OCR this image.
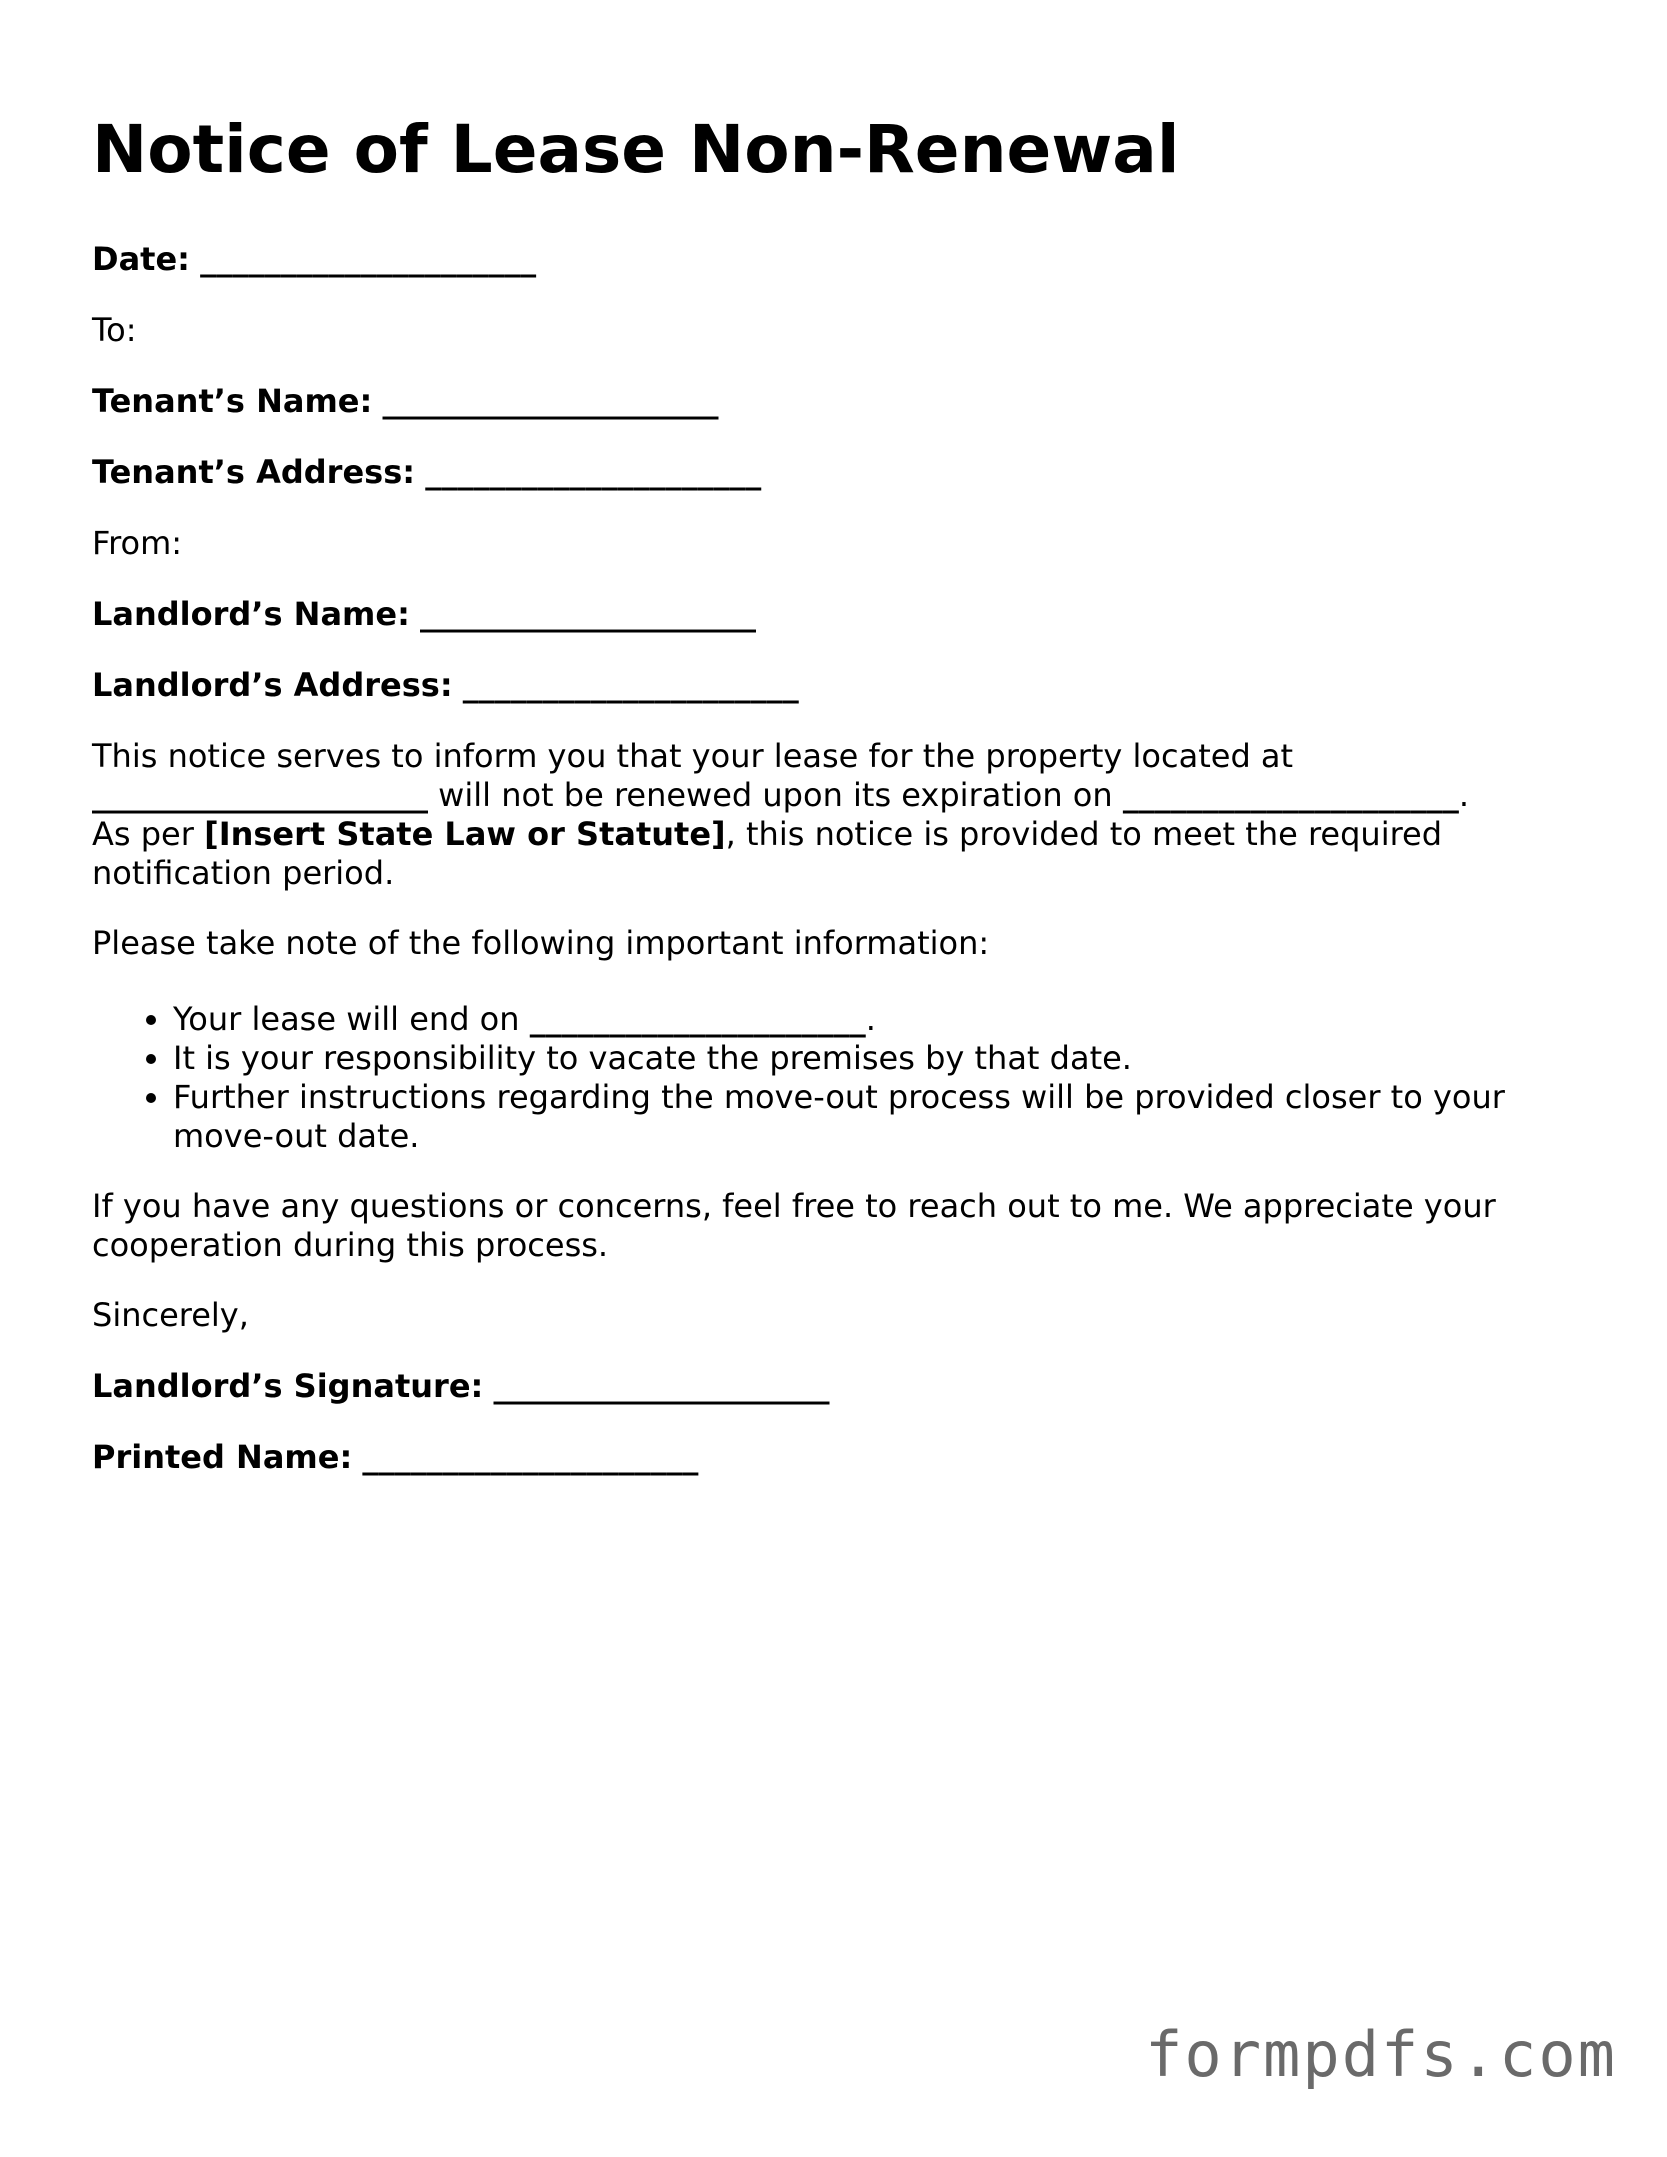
Notice of Lease Non-Renewal

Date: _____________________

To:

Tenant’s Name: _____________________

Tenant’s Address: _____________________

From:

Landlord’s Name: _____________________

Landlord’s Address: _____________________

This notice serves to inform you that your lease for the property located at

_____________________ will not be renewed upon its expiration on _____________________.

As per [Insert State Law or Statute], this notice is provided to meet the required

notification period.

Please take note of the following important information:

• Your lease will end on _____________________.
• It is your responsibility to vacate the premises by that date.
• Further instructions regarding the move-out process will be provided closer to your
move-out date.

If you have any questions or concerns, feel free to reach out to me. We appreciate your

cooperation during this process.

Sincerely,

Landlord’s Signature: _____________________

Printed Name: _____________________

formpdfs.com
